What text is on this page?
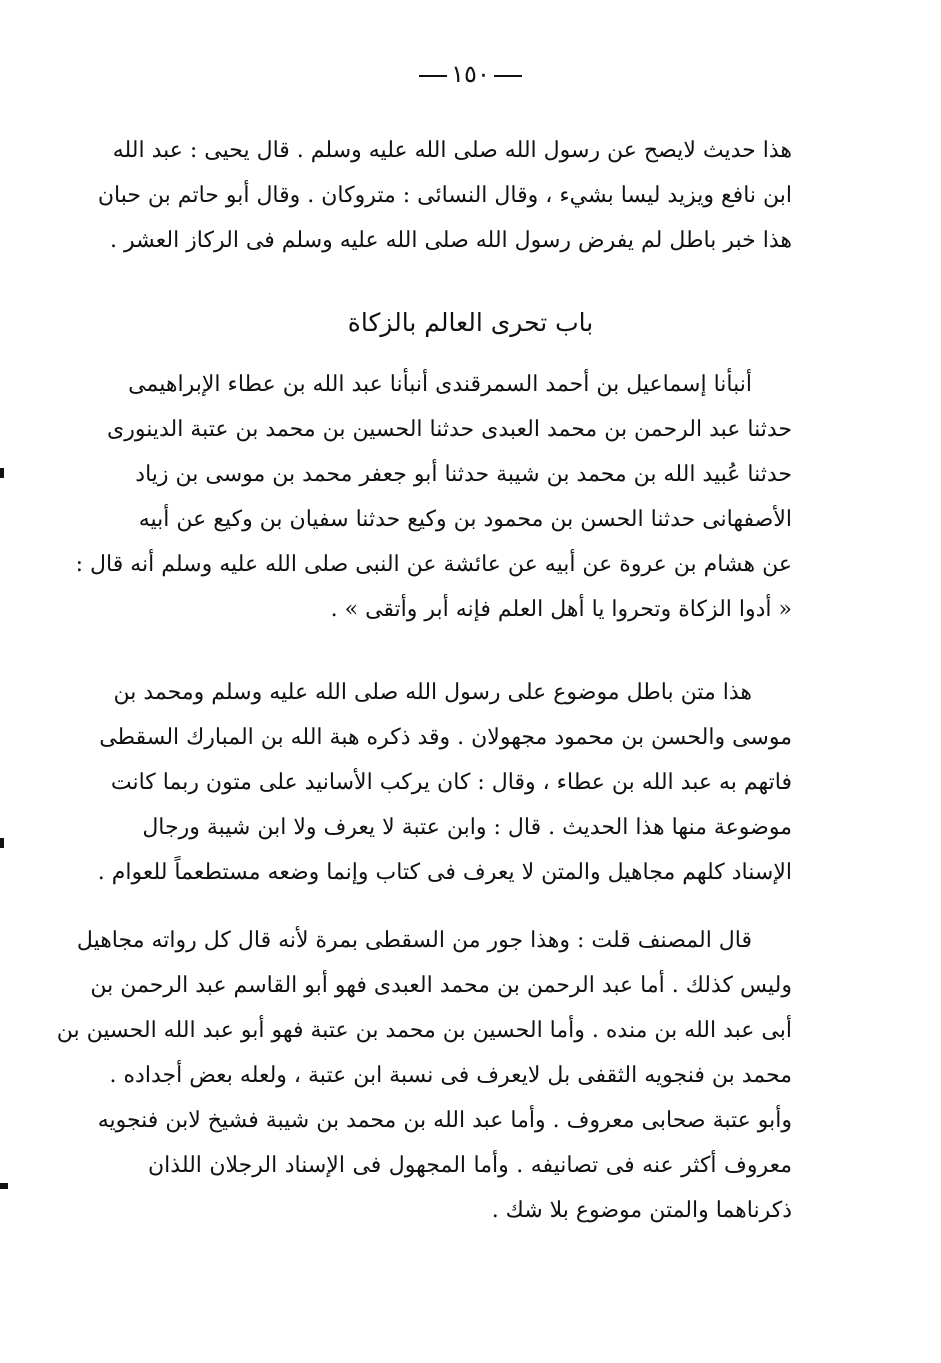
١٥٠
هذا حديث لايصح عن رسول الله صلى الله عليه وسلم . قال يحيى : عبد الله
ابن نافع ويزيد ليسا بشيء ، وقال النسائى : متروكان . وقال أبو حاتم بن حبان
هذا خبر باطل لم يفرض رسول الله صلى الله عليه وسلم فى الركاز العشر .
باب تحرى العالم بالزكاة
أنبأنا إسماعيل بن أحمد السمرقندى أنبأنا عبد الله بن عطاء الإبراهيمى
حدثنا عبد الرحمن بن محمد العبدى حدثنا الحسين بن محمد بن عتبة الدينورى
حدثنا عُبيد الله بن محمد بن شيبة حدثنا أبو جعفر محمد بن موسى بن زياد
الأصفهانى حدثنا الحسن بن محمود بن وكيع حدثنا سفيان بن وكيع عن أبيه
عن هشام بن عروة عن أبيه عن عائشة عن النبى صلى الله عليه وسلم أنه قال :
« أدوا الزكاة وتحروا يا أهل العلم فإنه أبر وأتقى » .
هذا متن باطل موضوع على رسول الله صلى الله عليه وسلم ومحمد بن
موسى والحسن بن محمود مجهولان . وقد ذكره هبة الله بن المبارك السقطى
فاتهم به عبد الله بن عطاء ، وقال : كان يركب الأسانيد على متون ربما كانت
موضوعة منها هذا الحديث . قال : وابن عتبة لا يعرف ولا ابن شيبة ورجال
الإسناد كلهم مجاهيل والمتن لا يعرف فى كتاب وإنما وضعه مستطعماً للعوام .
قال المصنف قلت : وهذا جور من السقطى بمرة لأنه قال كل رواته مجاهيل
وليس كذلك . أما عبد الرحمن بن محمد العبدى فهو أبو القاسم عبد الرحمن بن
أبى عبد الله بن منده . وأما الحسين بن محمد بن عتبة فهو أبو عبد الله الحسين بن
محمد بن فنجويه الثقفى بل لايعرف فى نسبة ابن عتبة ، ولعله بعض أجداده .
وأبو عتبة صحابى معروف . وأما عبد الله بن محمد بن شيبة فشيخ لابن فنجويه
معروف أكثر عنه فى تصانيفه . وأما المجهول فى الإسناد الرجلان اللذان
ذكرناهما والمتن موضوع بلا شك .
